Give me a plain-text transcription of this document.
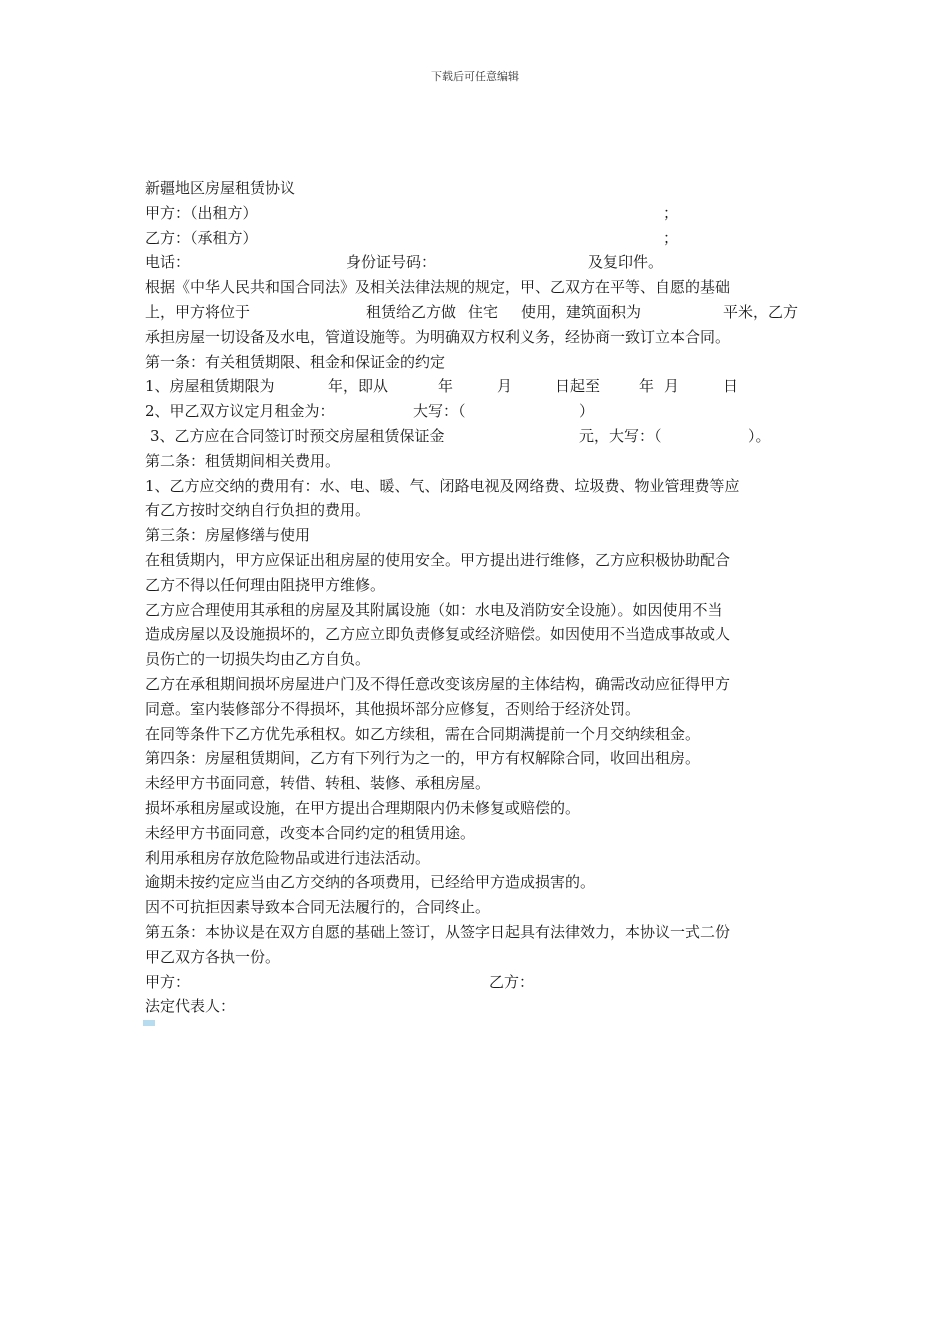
下载后可任意编辑
新疆地区房屋租赁协议
甲方：（出租方）	；
乙方：（承租方）	；
电话：	身份证号码：	及复印件。
根据《中华人民共和国合同法》及相关法律法规的规定，甲、乙双方在平等、自愿的基础
上，甲方将位于	租赁给乙方做 住宅 使用，建筑面积为	平米，乙方
承担房屋一切设备及水电，管道设施等。为明确双方权利义务，经协商一致订立本合同。
第一条：有关租赁期限、租金和保证金的约定
1、房屋租赁期限为	年，即从	年	月	日起至	年 月	日
2、甲乙双方议定月租金为：	大写：（	）
3、乙方应在合同签订时预交房屋租赁保证金	元，大写：（	）。
第二条：租赁期间相关费用。
1、乙方应交纳的费用有：水、电、暖、气、闭路电视及网络费、垃圾费、物业管理费等应
有乙方按时交纳自行负担的费用。
第三条：房屋修缮与使用
在租赁期内，甲方应保证出租房屋的使用安全。甲方提出进行维修，乙方应积极协助配合
乙方不得以任何理由阻挠甲方维修。
乙方应合理使用其承租的房屋及其附属设施（如：水电及消防安全设施）。如因使用不当
造成房屋以及设施损坏的，乙方应立即负责修复或经济赔偿。如因使用不当造成事故或人
员伤亡的一切损失均由乙方自负。
乙方在承租期间损坏房屋进户门及不得任意改变该房屋的主体结构，确需改动应征得甲方
同意。室内装修部分不得损坏，其他损坏部分应修复，否则给于经济处罚。
在同等条件下乙方优先承租权。如乙方续租，需在合同期满提前一个月交纳续租金。
第四条：房屋租赁期间，乙方有下列行为之一的，甲方有权解除合同，收回出租房。
未经甲方书面同意，转借、转租、装修、承租房屋。
损坏承租房屋或设施，在甲方提出合理期限内仍未修复或赔偿的。
未经甲方书面同意，改变本合同约定的租赁用途。
利用承租房存放危险物品或进行违法活动。
逾期未按约定应当由乙方交纳的各项费用，已经给甲方造成损害的。
因不可抗拒因素导致本合同无法履行的，合同终止。
第五条：本协议是在双方自愿的基础上签订，从签字日起具有法律效力，本协议一式二份
甲乙双方各执一份。
甲方：	乙方：
法定代表人：
